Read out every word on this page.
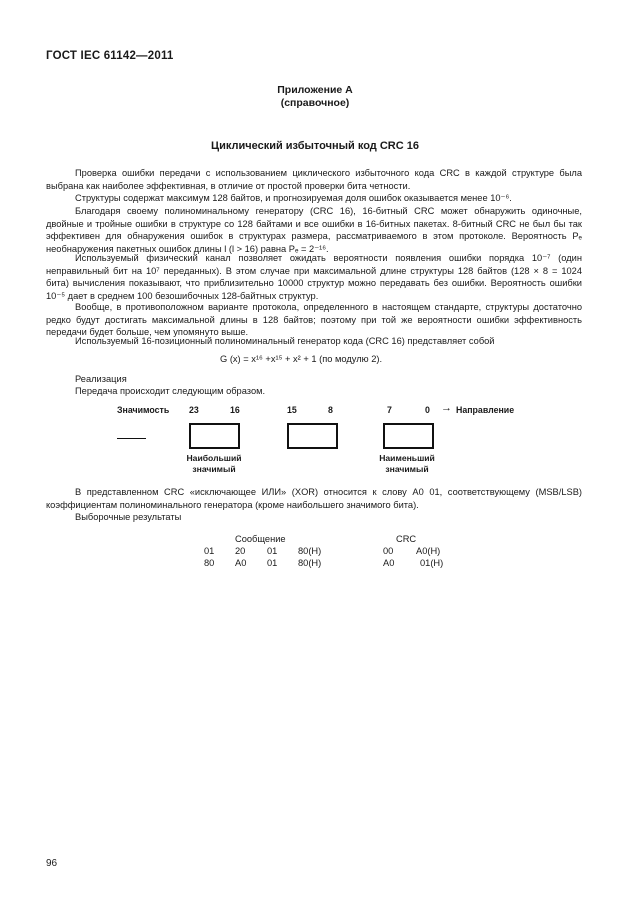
ГОСТ IEC 61142—2011
Приложение А
(справочное)
Циклический избыточный код CRC 16

Проверка ошибки передачи с использованием циклического избыточного кода CRC в каждой структуре была выбрана как наиболее эффективная, в отличие от простой проверки бита четности.

Структуры содержат максимум 128 байтов, и прогнозируемая доля ошибок оказывается менее 10⁻⁶.

Благодаря своему полиноминальному генератору (CRC 16), 16-битный CRC может обнаружить одиночные, двойные и тройные ошибки в структуре со 128 байтами и все ошибки в 16-битных пакетах. 8-битный CRC не был бы так эффективен для обнаружения ошибок в структурах размера, рассматриваемого в этом протоколе. Вероятность Pₑ необнаружения пакетных ошибок длины l (l > 16) равна Pₑ = 2⁻¹⁶.

Используемый физический канал позволяет ожидать вероятности появления ошибки порядка 10⁻⁷ (один неправильный бит на 10⁷ переданных). В этом случае при максимальной длине структуры 128 байтов (128 × 8 = 1024 бита) вычисления показывают, что приблизительно 10000 структур можно передавать без ошибки. Вероятность ошибки 10⁻⁵ дает в среднем 100 безошибочных 128-байтных структур.

Вообще, в противоположном варианте протокола, определенного в настоящем стандарте, структуры достаточно редко будут достигать максимальной длины в 128 байтов; поэтому при той же вероятности ошибки эффективность передачи будет больше, чем упомянуто выше.

Используемый 16-позиционный полиноминальный генератор кода (CRC 16) представляет собой

G (x) = x¹⁶ +x¹⁵ + x² + 1 (по модулю 2).
Реализация
Передача происходит следующим образом.
Значимость 23	16	15	8	7	0 → Направление
Наибольший
значимый
Наименьший
значимый

В представленном CRC «исключающее ИЛИ» (XOR) относится к слову A0 01, соответствующему (MSB/LSB) коэффициентам полиноминального генератора (кроме наибольшего значимого бита).

Выборочные результаты
Сообщение	CRC
01 20 01 80(H)	00 A0(H)
80 A0 01 80(H)	A0	01(H)
96
